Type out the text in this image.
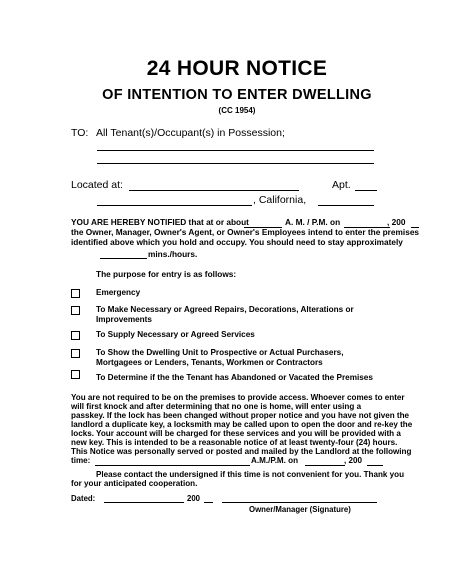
24 HOUR NOTICE
OF INTENTION TO ENTER DWELLING
(CC 1954)
TO: All Tenant(s)/Occupant(s) in Possession;
Located at:	Apt.
, California,
YOU ARE HEREBY NOTIFIED that at or about	A. M. / P.M. on	, 200
the Owner, Manager, Owner's Agent, or Owner's Employees intend to enter the premises
identified above which you hold and occupy. You should need to stay approximately
mins./hours.
The purpose for entry is as follows:
Emergency
To Make Necessary or Agreed Repairs, Decorations, Alterations or
Improvements
To Supply Necessary or Agreed Services
To Show the Dwelling Unit to Prospective or Actual Purchasers,
Mortgagees or Lenders, Tenants, Workmen or Contractors
To Determine if the the Tenant has Abandoned or Vacated the Premises
You are not required to be on the premises to provide access. Whoever comes to enter
will first knock and after determining that no one is home, will enter using a
passkey. If the lock has been changed without proper notice and you have not given the
landlord a duplicate key, a locksmith may be called upon to open the door and re-key the
locks. Your account will be charged for these services and you will be provided with a
new key. This is intended to be a reasonable notice of at least twenty-four (24) hours.
This Notice was personally served or posted and mailed by the Landlord at the following
time:	A.M./P.M. on	, 200
Please contact the undersigned if this time is not convenient for you. Thank you
for your anticipated cooperation.
Dated:	200
Owner/Manager (Signature)
